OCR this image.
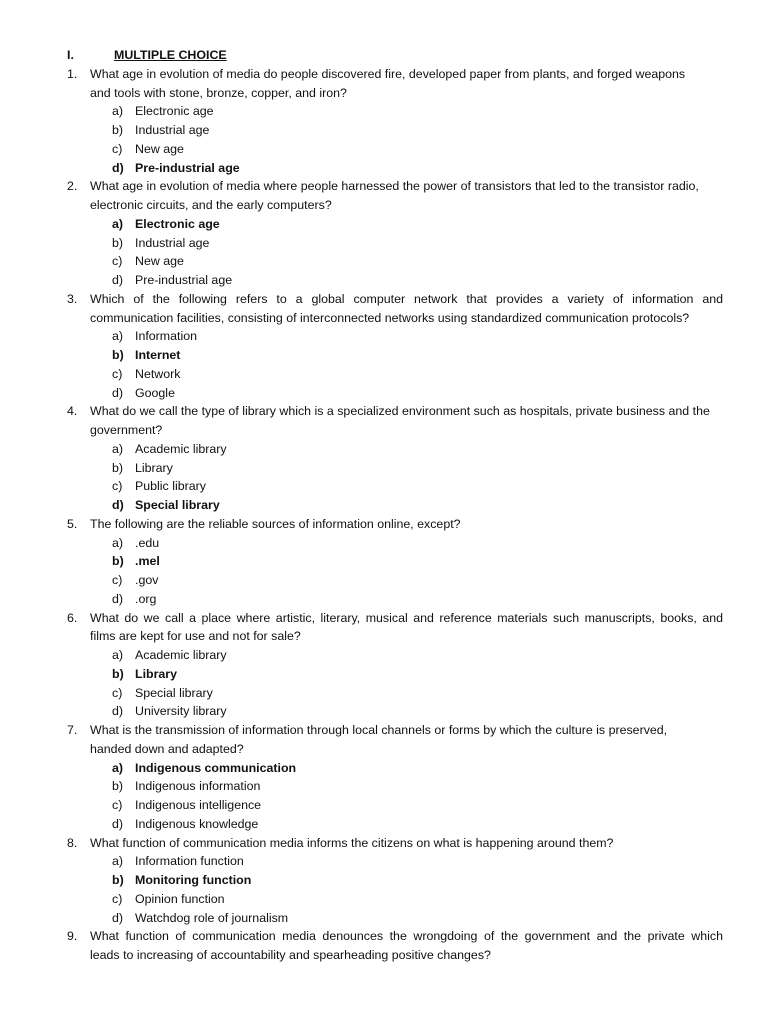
I.	MULTIPLE CHOICE
1. What age in evolution of media do people discovered fire, developed paper from plants, and forged weapons
and tools with stone, bronze, copper, and iron?
a) Electronic age
b) Industrial age
c) New age
d) Pre-industrial age
2. What age in evolution of media where people harnessed the power of transistors that led to the transistor radio,
electronic circuits, and the early computers?
a) Electronic age
b) Industrial age
c) New age
d) Pre-industrial age
3. Which of the following refers to a global computer network that provides a variety of information and
communication facilities, consisting of interconnected networks using standardized communication protocols?
a) Information
b) Internet
c) Network
d) Google
4. What do we call the type of library which is a specialized environment such as hospitals, private business and the
government?
a) Academic library
b) Library
c) Public library
d) Special library
5. The following are the reliable sources of information online, except?
a) .edu
b) .mel
c) .gov
d) .org
6. What do we call a place where artistic, literary, musical and reference materials such manuscripts, books, and
films are kept for use and not for sale?
a) Academic library
b) Library
c) Special library
d) University library
7. What is the transmission of information through local channels or forms by which the culture is preserved,
handed down and adapted?
a) Indigenous communication
b) Indigenous information
c) Indigenous intelligence
d) Indigenous knowledge
8. What function of communication media informs the citizens on what is happening around them?
a) Information function
b) Monitoring function
c) Opinion function
d) Watchdog role of journalism
9. What function of communication media denounces the wrongdoing of the government and the private which
leads to increasing of accountability and spearheading positive changes?
